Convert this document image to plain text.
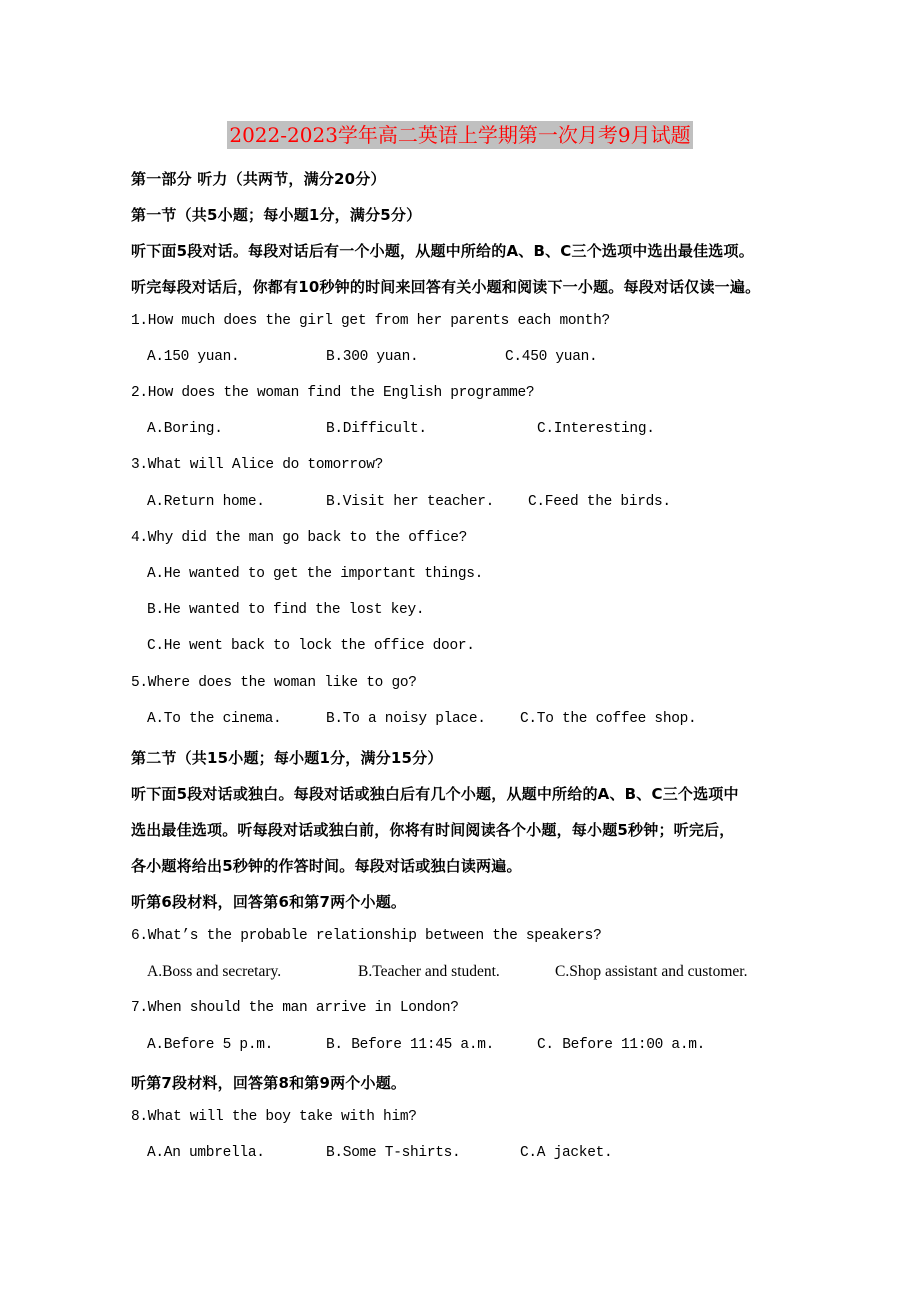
2022-2023学年高二英语上学期第一次月考9月试题
第一部分 听力（共两节，满分20分）
第一节（共5小题；每小题1分，满分5分）
听下面5段对话。每段对话后有一个小题，从题中所给的A、B、C三个选项中选出最佳选项。
听完每段对话后，你都有10秒钟的时间来回答有关小题和阅读下一小题。每段对话仅读一遍。
1.How much does the girl get from her parents each month?
A.150 yuan.	B.300 yuan.	C.450 yuan.
2.How does the woman find the English programme?
A.Boring.	B.Difficult.	C.Interesting.
3.What will Alice do tomorrow?
A.Return home.	B.Visit her teacher. C.Feed the birds.
4.Why did the man go back to the office?
A.He wanted to get the important things.
B.He wanted to find the lost key.
C.He went back to lock the office door.
5.Where does the woman like to go?
A.To the cinema.	B.To a noisy place. C.To the coffee shop.
第二节（共15小题；每小题1分，满分15分）
听下面5段对话或独白。每段对话或独白后有几个小题，从题中所给的A、B、C三个选项中
选出最佳选项。听每段对话或独白前，你将有时间阅读各个小题，每小题5秒钟；听完后，
各小题将给出5秒钟的作答时间。每段对话或独白读两遍。
听第6段材料，回答第6和第7两个小题。
6.What’s the probable relationship between the speakers?
A.Boss and secretary.	B.Teacher and student.	C.Shop assistant and customer.
7.When should the man arrive in London?
A.Before 5 p.m.	B. Before 11:45 a.m.	C. Before 11:00 a.m.
听第7段材料，回答第8和第9两个小题。
8.What will the boy take with him?
A.An umbrella.	B.Some T-shirts.	C.A jacket.
